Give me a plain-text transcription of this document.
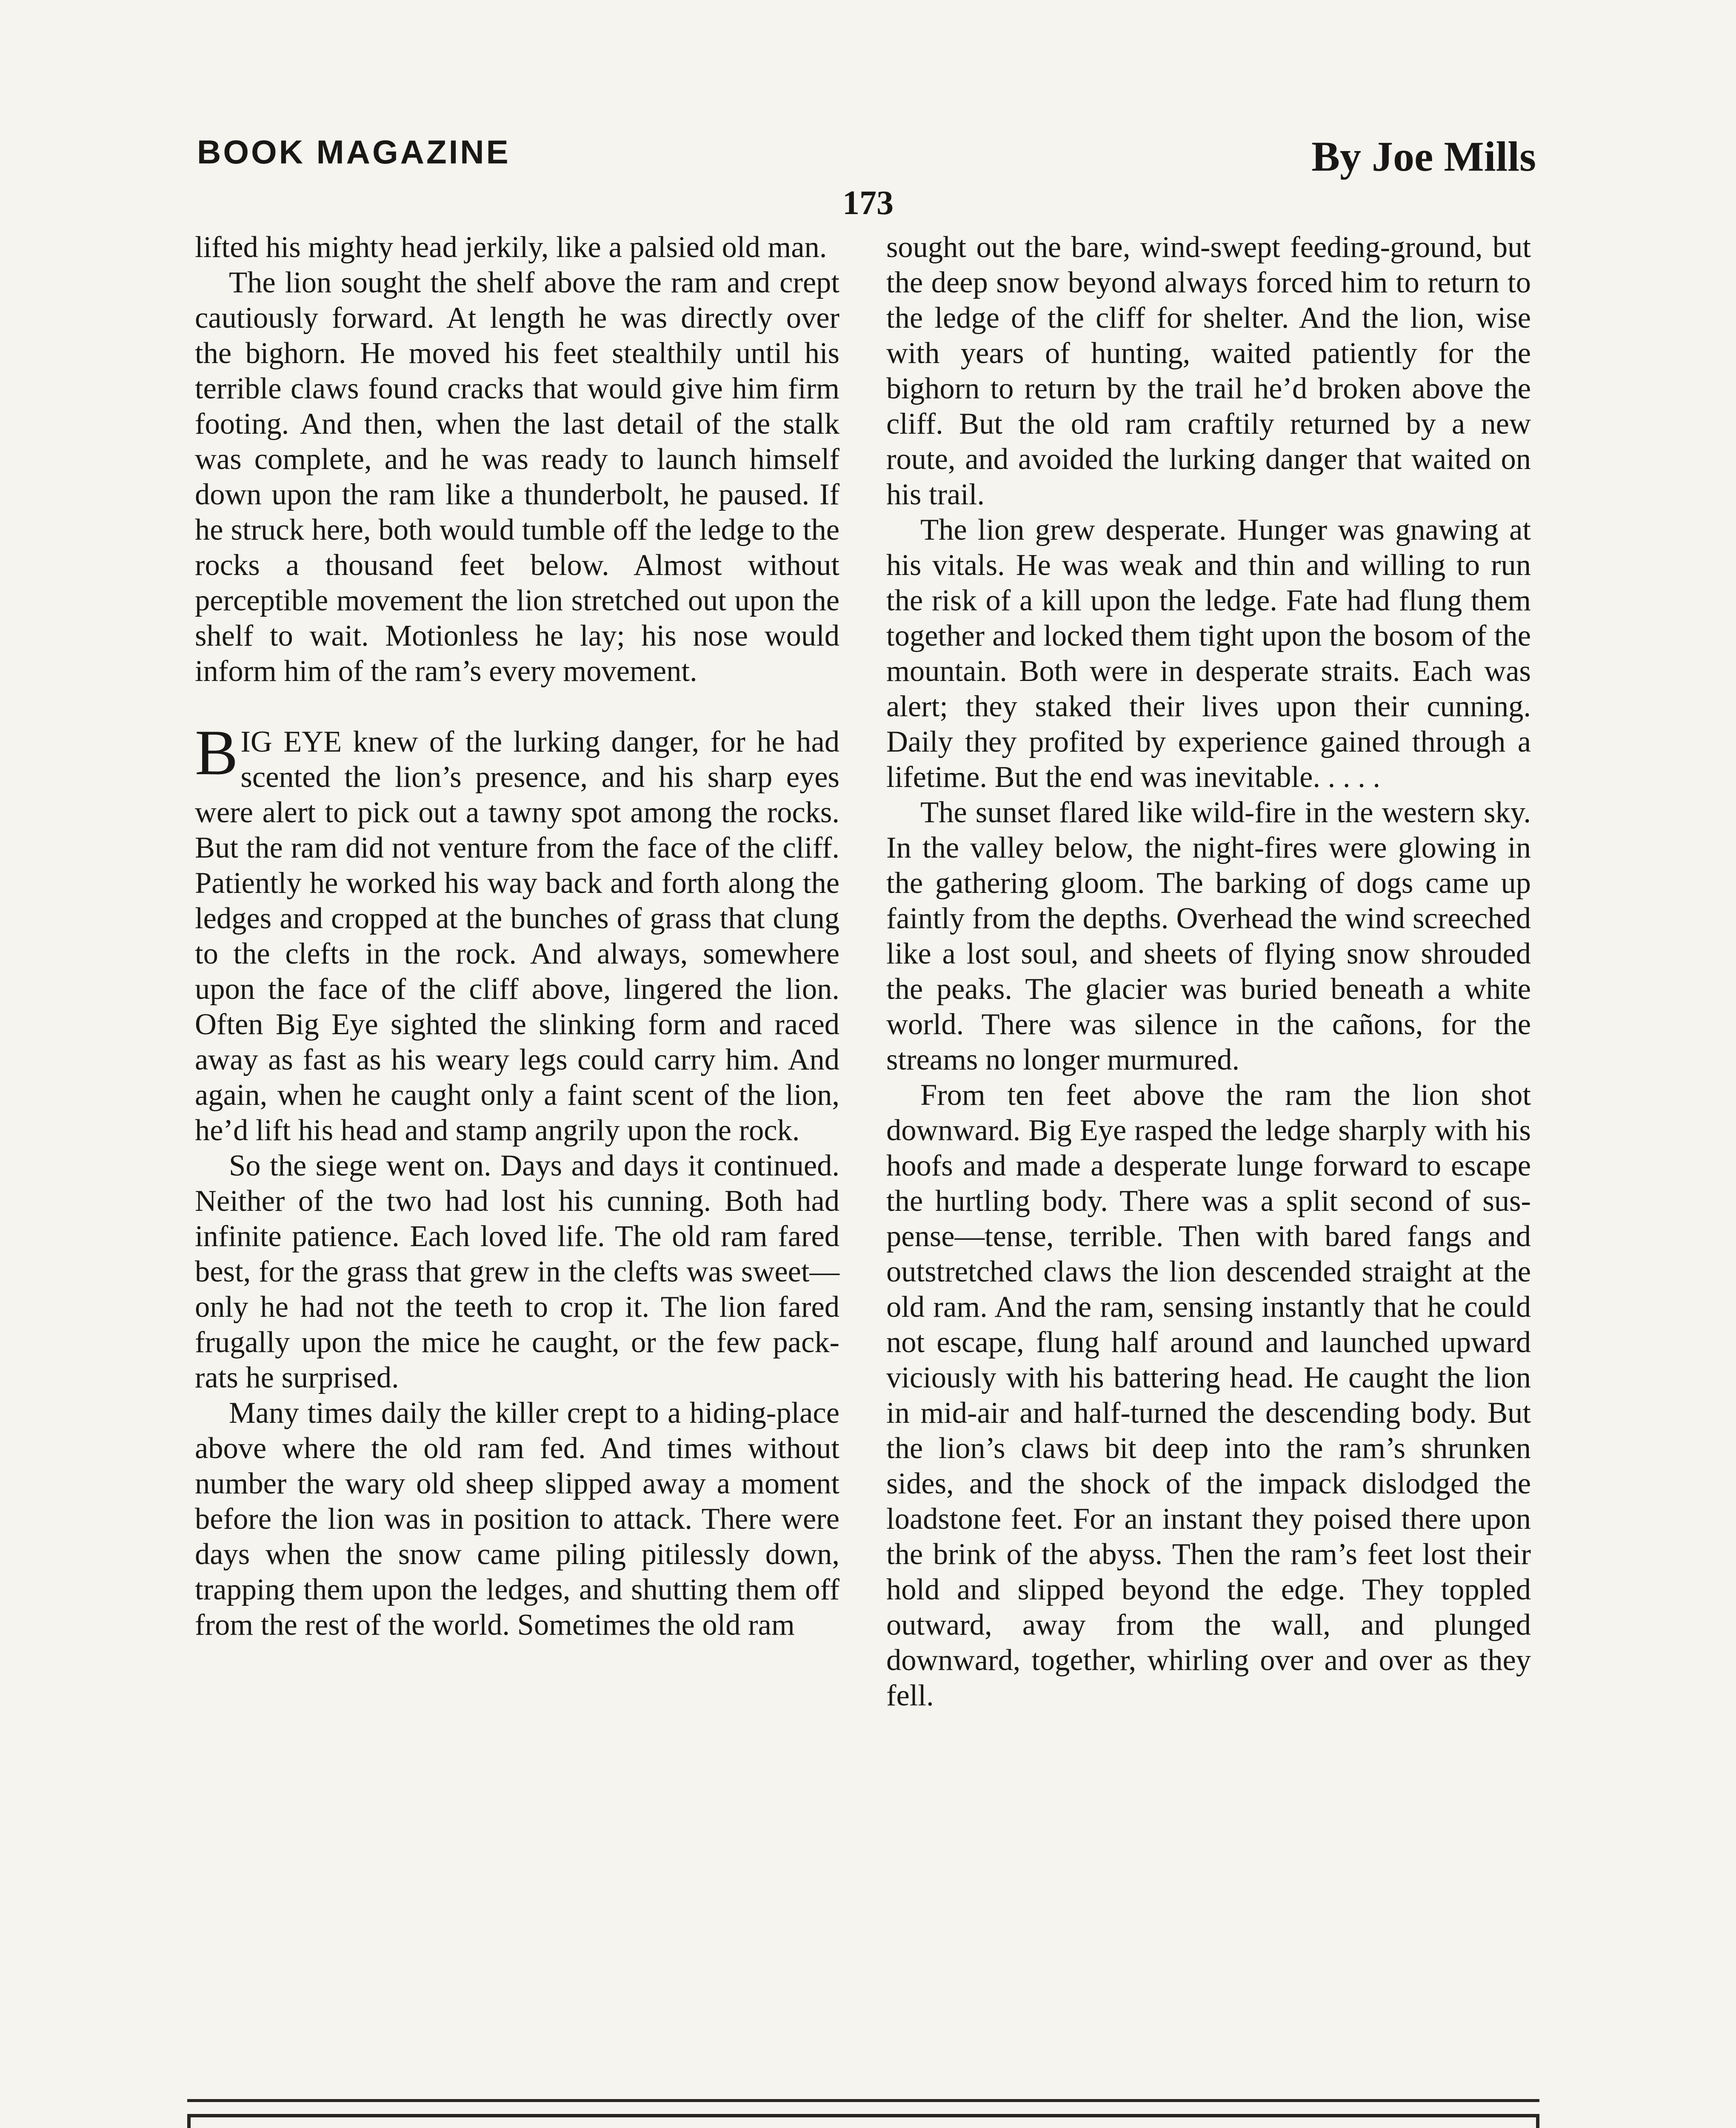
BOOK MAGAZINE	By Joe Mills
173

lifted his mighty head jerkily, like a palsied old man.

The lion sought the shelf above the ram and crept cautiously forward. At length he was directly over the bighorn. He moved his feet stealthily until his terrible claws found cracks that would give him firm footing. And then, when the last detail of the stalk was complete, and he was ready to launch himself down upon the ram like a thunderbolt, he paused. If he struck here, both would tumble off the ledge to the rocks a thousand feet below. Almost without perceptible movement the lion stretched out upon the shelf to wait. Motionless he lay; his nose would inform him of the ram’s every movement.

BIG EYE knew of the lurking danger, for he had scented the lion’s presence, and his sharp eyes were alert to pick out a tawny spot among the rocks. But the ram did not venture from the face of the cliff. Patiently he worked his way back and forth along the ledges and cropped at the bunches of grass that clung to the clefts in the rock. And always, somewhere upon the face of the cliff above, lingered the lion. Often Big Eye sighted the slinking form and raced away as fast as his weary legs could carry him. And again, when he caught only a faint scent of the lion, he’d lift his head and stamp angrily upon the rock.

So the siege went on. Days and days it continued. Neither of the two had lost his cunning. Both had infinite patience. Each loved life. The old ram fared best, for the grass that grew in the clefts was sweet—only he had not the teeth to crop it. The lion fared frugally upon the mice he caught, or the few pack-rats he surprised.

Many times daily the killer crept to a hiding-place above where the old ram fed. And times without number the wary old sheep slipped away a moment before the lion was in position to attack. There were days when the snow came piling pitilessly down, trapping them upon the ledges, and shutting them off from the rest of the world. Sometimes the old ram

sought out the bare, wind-swept feeding-ground, but the deep snow beyond always forced him to return to the ledge of the cliff for shelter. And the lion, wise with years of hunting, waited patiently for the bighorn to return by the trail he’d broken above the cliff. But the old ram craftily returned by a new route, and avoided the lurking danger that waited on his trail.

The lion grew desperate. Hunger was gnawing at his vitals. He was weak and thin and willing to run the risk of a kill upon the ledge. Fate had flung them together and locked them tight upon the bosom of the mountain. Both were in desperate straits. Each was alert; they staked their lives upon their cunning. Daily they profited by experience gained through a lifetime. But the end was inevitable. . . . .

The sunset flared like wild-fire in the western sky. In the valley below, the night-fires were glowing in the gathering gloom. The barking of dogs came up faintly from the depths. Overhead the wind screeched like a lost soul, and sheets of flying snow shrouded the peaks. The glacier was buried beneath a white world. There was silence in the cañons, for the streams no longer murmured.

From ten feet above the ram the lion shot downward. Big Eye rasped the ledge sharply with his hoofs and made a desperate lunge forward to escape the hurtling body. There was a split second of suspense—tense, terrible. Then with bared fangs and outstretched claws the lion descended straight at the old ram. And the ram, sensing instantly that he could not escape, flung half around and launched upward viciously with his battering head. He caught the lion in mid-air and half-turned the descending body. But the lion’s claws bit deep into the ram’s shrunken sides, and the shock of the impack dislodged the loadstone feet. For an instant they poised there upon the brink of the abyss. Then the ram’s feet lost their hold and slipped beyond the edge. They toppled outward, away from the wall, and plunged downward, together, whirling over and over as they fell.
